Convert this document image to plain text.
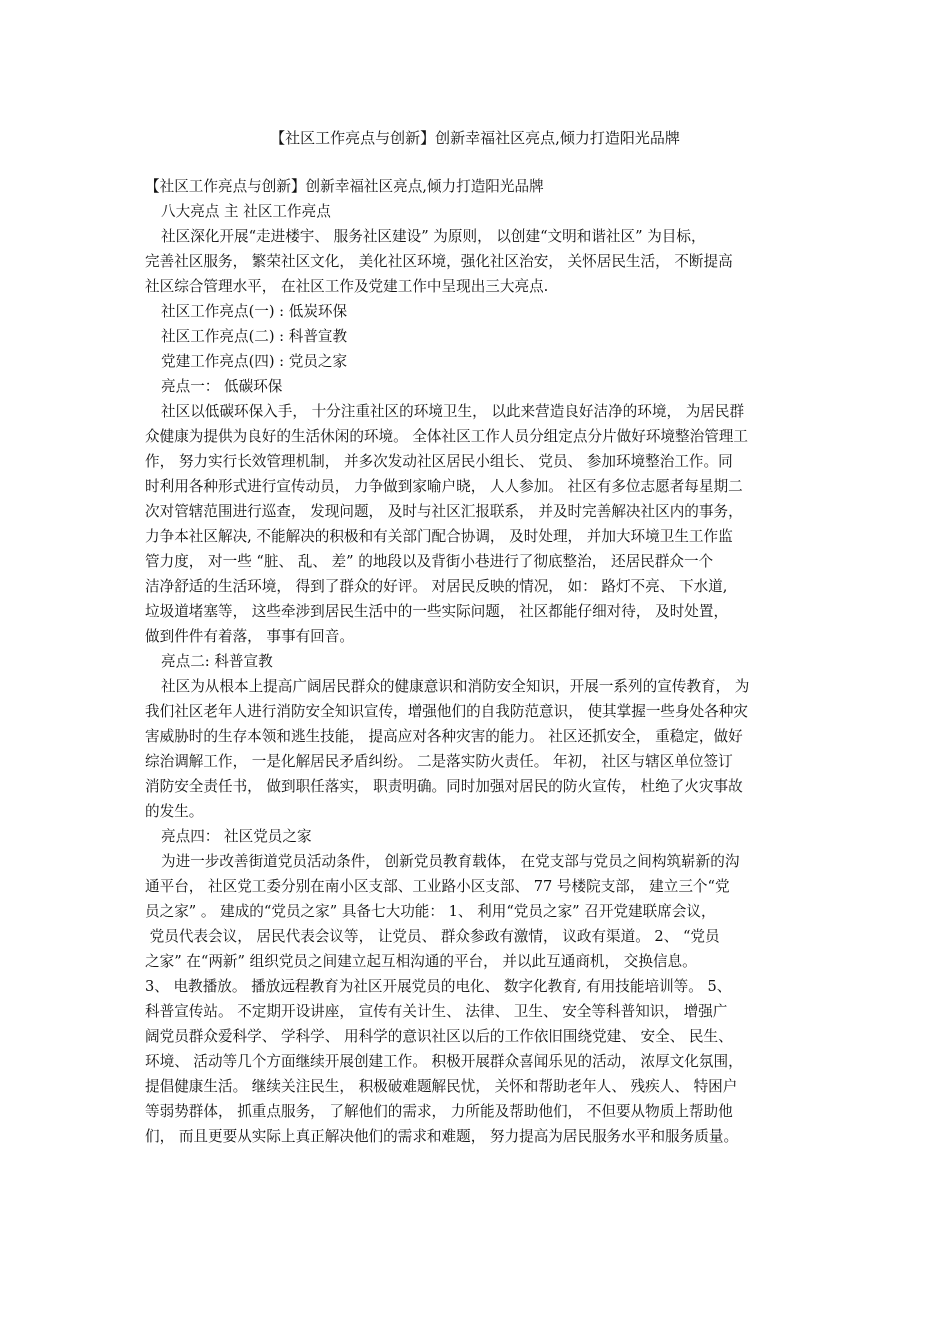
【社区工作亮点与创新】创新幸福社区亮点,倾力打造阳光品牌

【社区工作亮点与创新】创新幸福社区亮点,倾力打造阳光品牌

八大亮点 主 社区工作亮点

社区深化开展“走进楼宇、 服务社区建设” 为原则， 以创建“文明和谐社区” 为目标，

完善社区服务， 繁荣社区文化， 美化社区环境，强化社区治安， 关怀居民生活， 不断提高

社区综合管理水平， 在社区工作及党建工作中呈现出三大亮点.

社区工作亮点(一) : 低炭环保

社区工作亮点(二) : 科普宣教

党建工作亮点(四) : 党员之家

亮点一： 低碳环保

社区以低碳环保入手， 十分注重社区的环境卫生， 以此来营造良好洁净的环境， 为居民群

众健康为提供为良好的生活休闲的环境。 全体社区工作人员分组定点分片做好环境整治管理工

作， 努力实行长效管理机制， 并多次发动社区居民小组长、 党员、 参加环境整治工作。同

时利用各种形式进行宣传动员， 力争做到家喻户晓， 人人参加。 社区有多位志愿者每星期二

次对管辖范围进行巡查， 发现问题， 及时与社区汇报联系， 并及时完善解决社区内的事务，

力争本社区解决, 不能解决的积极和有关部门配合协调， 及时处理， 并加大环境卫生工作监

管力度， 对一些 “脏、 乱、 差” 的地段以及背街小巷进行了彻底整治， 还居民群众一个

洁净舒适的生活环境， 得到了群众的好评。 对居民反映的情况， 如： 路灯不亮、 下水道,

垃圾道堵塞等， 这些牵涉到居民生活中的一些实际问题， 社区都能仔细对待， 及时处置，

做到件件有着落， 事事有回音。

亮点二: 科普宣教

社区为从根本上提高广阔居民群众的健康意识和消防安全知识，开展一系列的宣传教育， 为

我们社区老年人进行消防安全知识宣传，增强他们的自我防范意识， 使其掌握一些身处各种灾

害威胁时的生存本领和逃生技能， 提高应对各种灾害的能力。 社区还抓安全， 重稳定，做好

综治调解工作， 一是化解居民矛盾纠纷。 二是落实防火责任。 年初， 社区与辖区单位签订

消防安全责任书， 做到职任落实， 职责明确。同时加强对居民的防火宣传， 杜绝了火灾事故

的发生。

亮点四： 社区党员之家

为进一步改善街道党员活动条件， 创新党员教育载体， 在党支部与党员之间构筑崭新的沟

通平台， 社区党工委分别在南小区支部、工业路小区支部、 77 号楼院支部， 建立三个“党

员之家” 。 建成的“党员之家” 具备七大功能： 1、 利用“党员之家” 召开党建联席会议，

党员代表会议， 居民代表会议等， 让党员、 群众参政有激情， 议政有渠道。 2、 “党员

之家” 在“两新” 组织党员之间建立起互相沟通的平台， 并以此互通商机， 交换信息。

3、 电教播放。 播放远程教育为社区开展党员的电化、 数字化教育, 有用技能培训等。 5、

科普宣传站。 不定期开设讲座， 宣传有关计生、 法律、 卫生、 安全等科普知识， 增强广

阔党员群众爱科学、 学科学、 用科学的意识社区以后的工作依旧围绕党建、 安全、 民生、

环境、 活动等几个方面继续开展创建工作。 积极开展群众喜闻乐见的活动， 浓厚文化氛围，

提倡健康生活。 继续关注民生， 积极破难题解民忧， 关怀和帮助老年人、 残疾人、 特困户

等弱势群体， 抓重点服务， 了解他们的需求， 力所能及帮助他们， 不但要从物质上帮助他

们， 而且更要从实际上真正解决他们的需求和难题， 努力提高为居民服务水平和服务质量。
